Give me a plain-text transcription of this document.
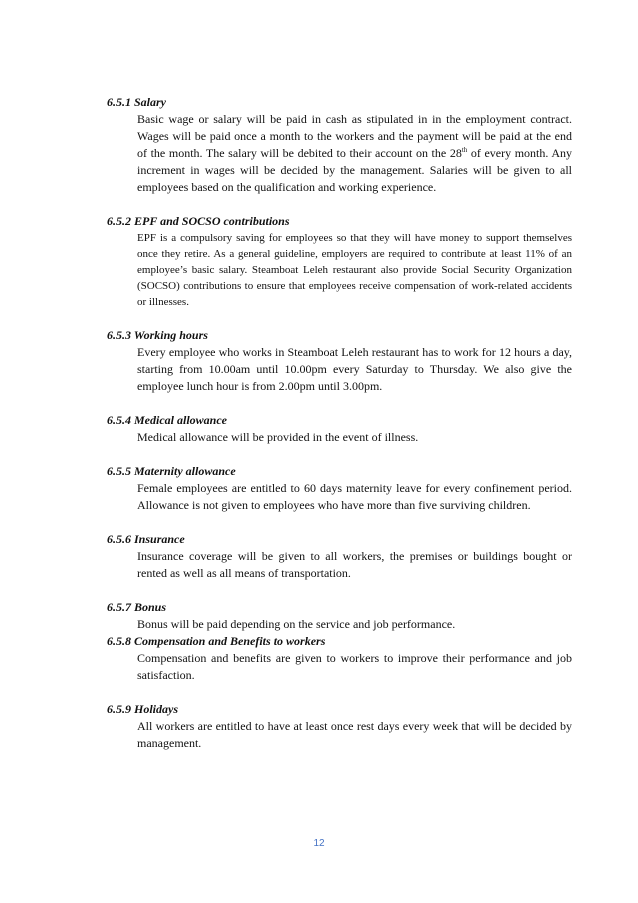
6.5.1 Salary

Basic wage or salary will be paid in cash as stipulated in in the employment contract. Wages will be paid once a month to the workers and the payment will be paid at the end of the month. The salary will be debited to their account on the 28th of every month. Any increment in wages will be decided by the management. Salaries will be given to all employees based on the qualification and working experience.

6.5.2 EPF and SOCSO contributions

EPF is a compulsory saving for employees so that they will have money to support themselves once they retire. As a general guideline, employers are required to contribute at least 11% of an employee’s basic salary. Steamboat Leleh restaurant also provide Social Security Organization (SOCSO) contributions to ensure that employees receive compensation of work-related accidents or illnesses.

6.5.3 Working hours

Every employee who works in Steamboat Leleh restaurant has to work for 12 hours a day, starting from 10.00am until 10.00pm every Saturday to Thursday. We also give the employee lunch hour is from 2.00pm until 3.00pm.

6.5.4 Medical allowance

Medical allowance will be provided in the event of illness.

6.5.5 Maternity allowance

Female employees are entitled to 60 days maternity leave for every confinement period. Allowance is not given to employees who have more than five surviving children.

6.5.6 Insurance

Insurance coverage will be given to all workers, the premises or buildings bought or rented as well as all means of transportation.

6.5.7 Bonus

Bonus will be paid depending on the service and job performance.

6.5.8 Compensation and Benefits to workers

Compensation and benefits are given to workers to improve their performance and job satisfaction.

6.5.9 Holidays

All workers are entitled to have at least once rest days every week that will be decided by management.

12
